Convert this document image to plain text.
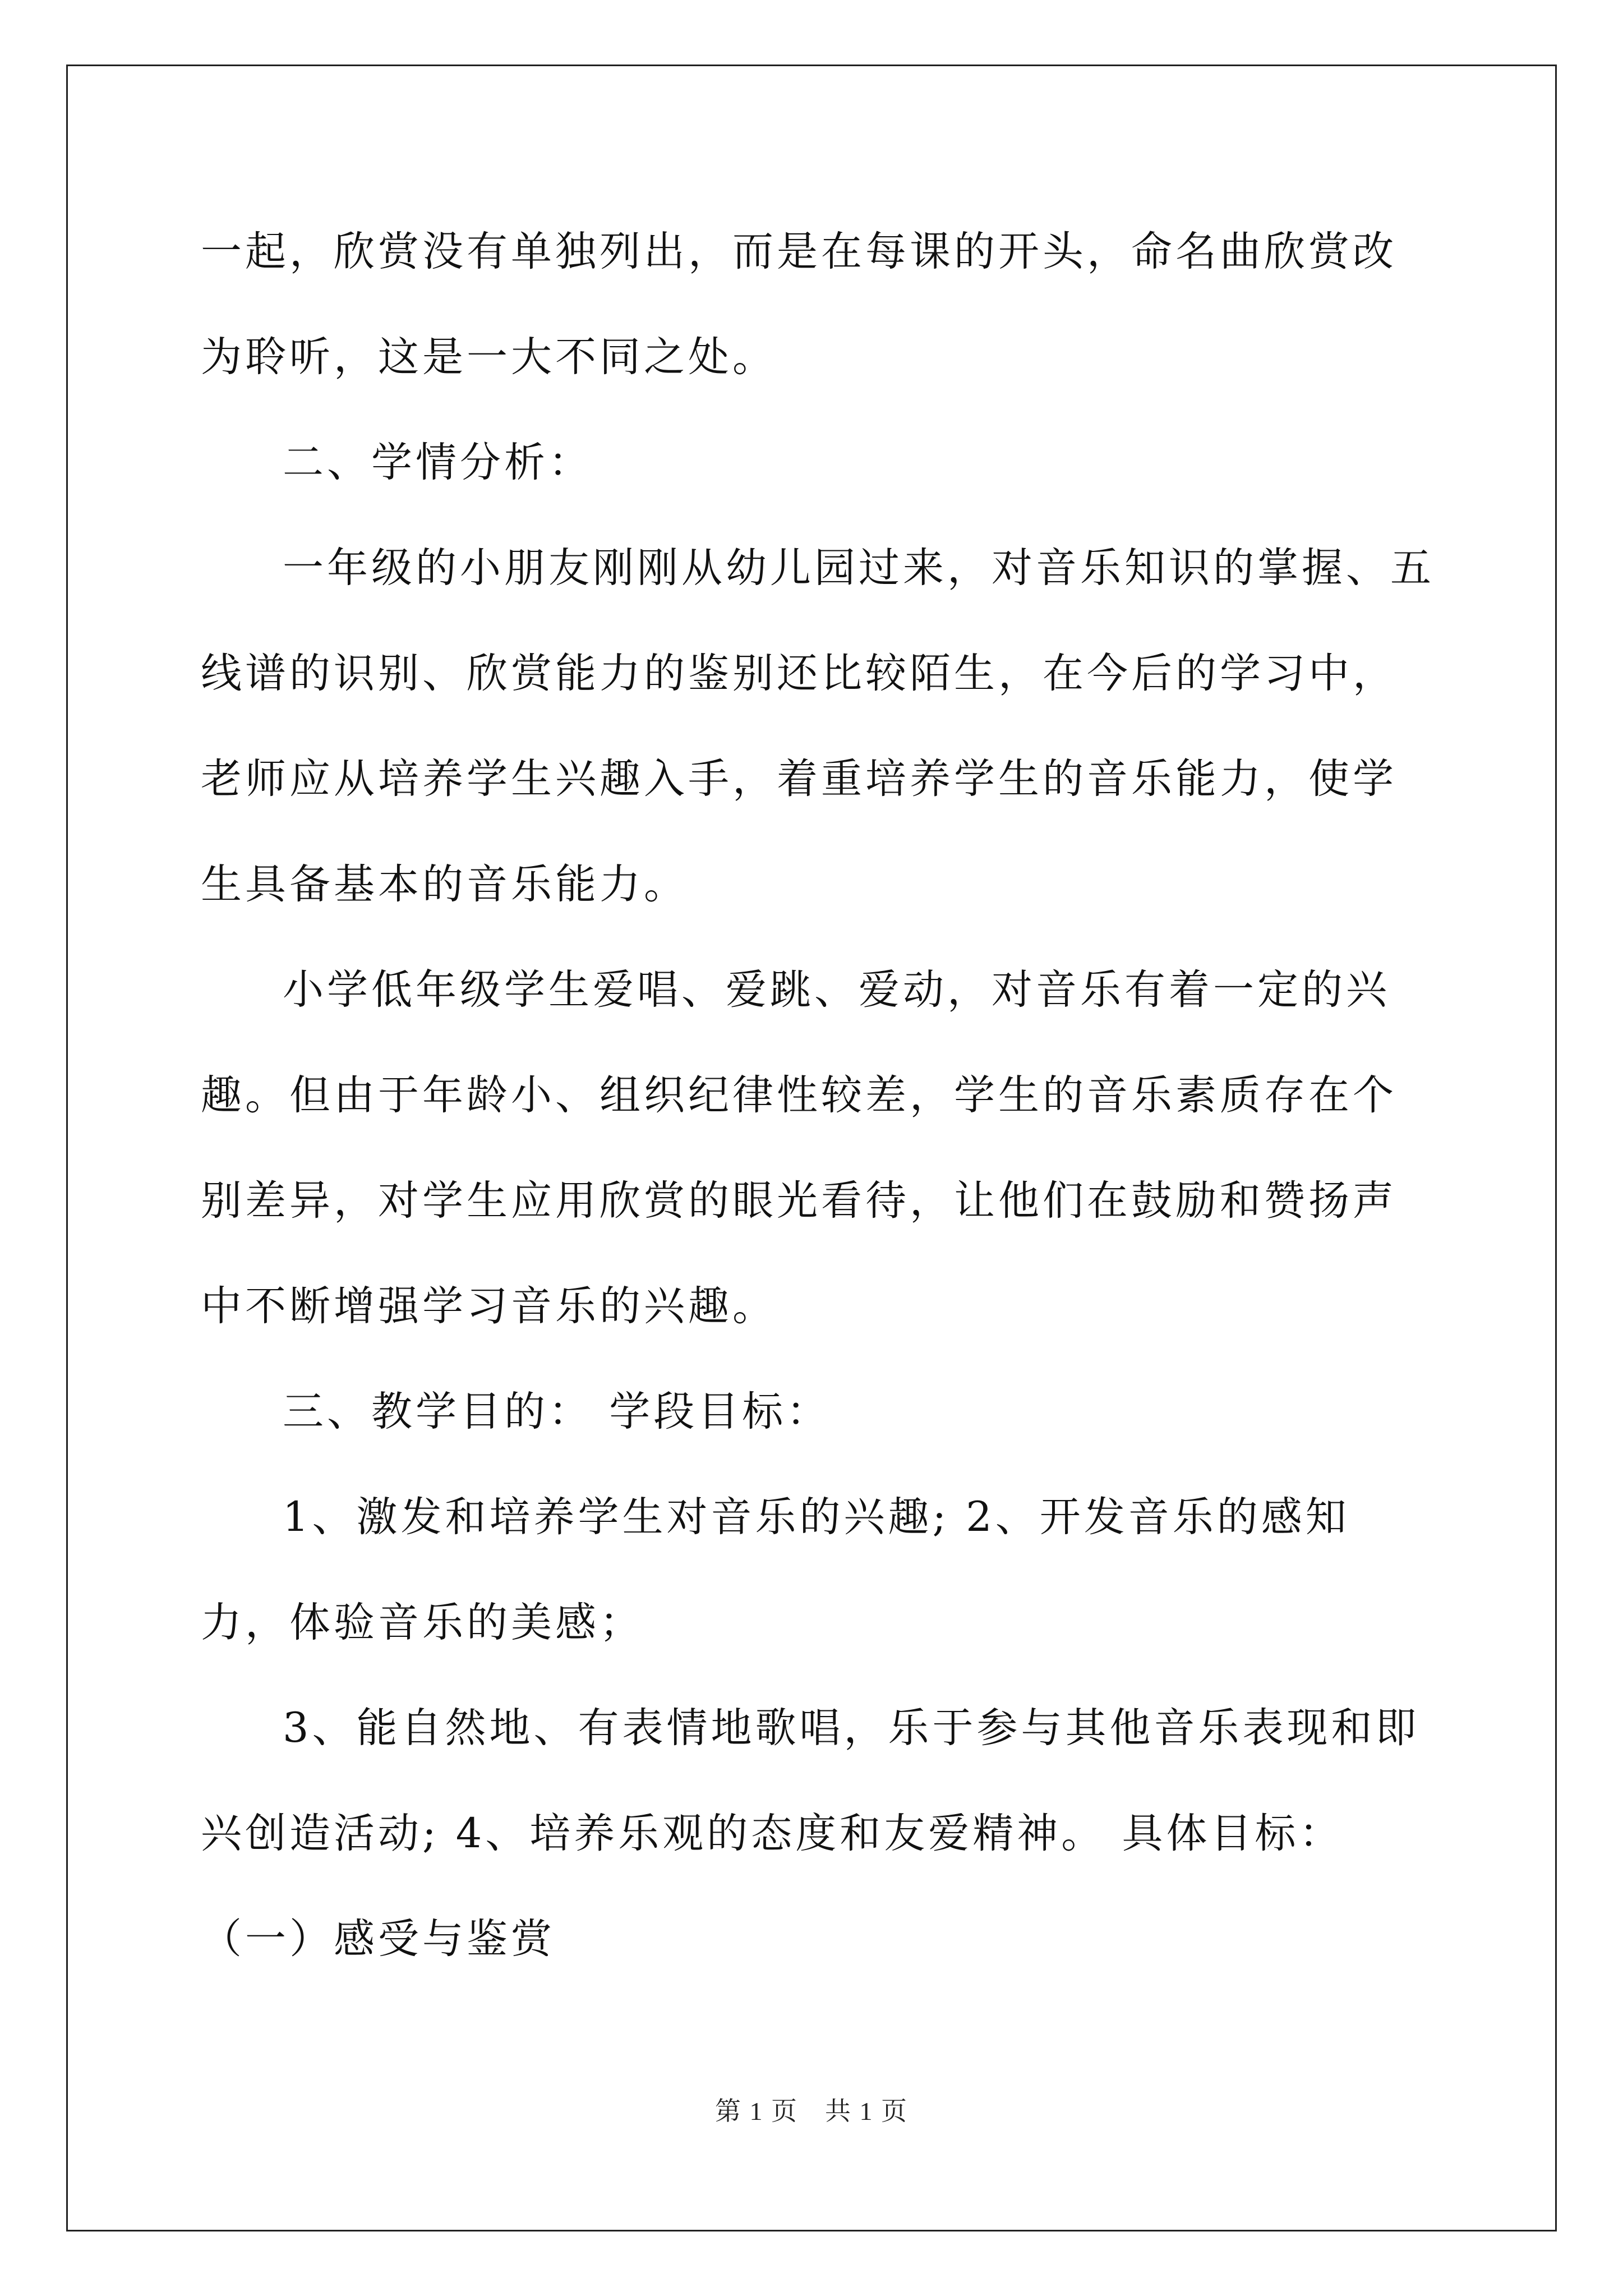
一起，欣赏没有单独列出，而是在每课的开头，命名曲欣赏改为聆听，这是一大不同之处。

二、学情分析：

一年级的小朋友刚刚从幼儿园过来，对音乐知识的掌握、五线谱的识别、欣赏能力的鉴别还比较陌生，在今后的学习中，老师应从培养学生兴趣入手，着重培养学生的音乐能力，使学生具备基本的音乐能力。

小学低年级学生爱唱、爱跳、爱动，对音乐有着一定的兴趣。但由于年龄小、组织纪律性较差，学生的音乐素质存在个别差异，对学生应用欣赏的眼光看待，让他们在鼓励和赞扬声中不断增强学习音乐的兴趣。

三、教学目的： 学段目标：

1、激发和培养学生对音乐的兴趣; 2、开发音乐的感知力，体验音乐的美感；

3、能自然地、有表情地歌唱，乐于参与其他音乐表现和即兴创造活动; 4、培养乐观的态度和友爱精神。 具体目标：（一）感受与鉴赏

第 1 页　共 1 页
